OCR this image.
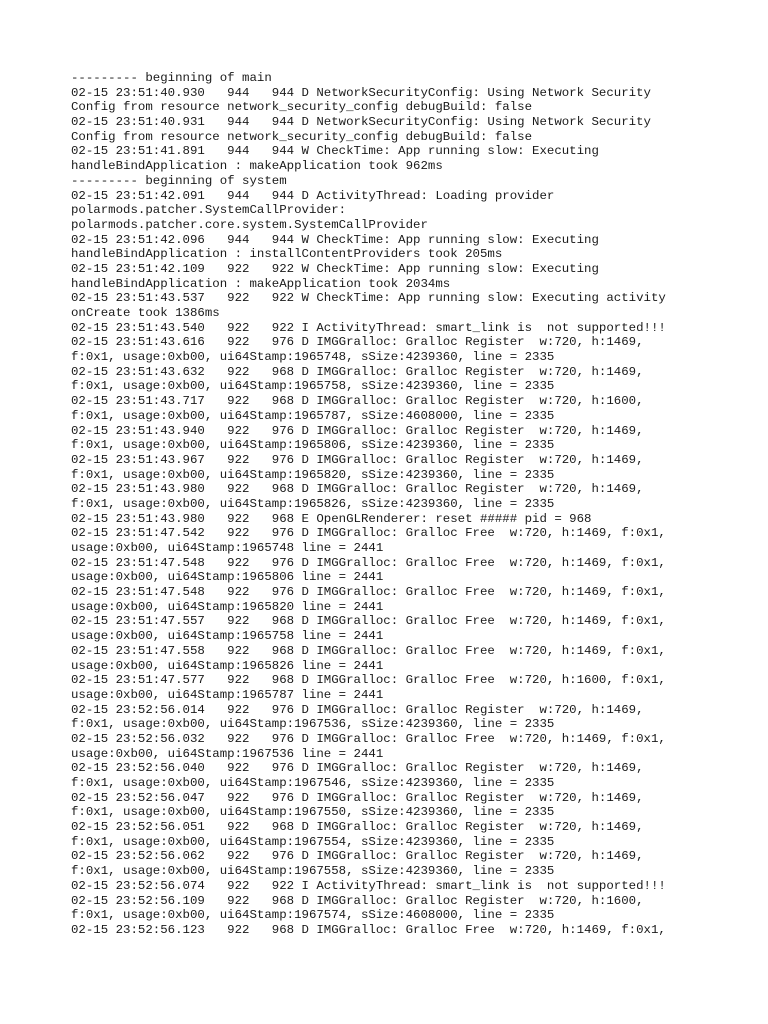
--------- beginning of main
02-15 23:51:40.930   944   944 D NetworkSecurityConfig: Using Network Security
Config from resource network_security_config debugBuild: false
02-15 23:51:40.931   944   944 D NetworkSecurityConfig: Using Network Security
Config from resource network_security_config debugBuild: false
02-15 23:51:41.891   944   944 W CheckTime: App running slow: Executing
handleBindApplication : makeApplication took 962ms
--------- beginning of system
02-15 23:51:42.091   944   944 D ActivityThread: Loading provider
polarmods.patcher.SystemCallProvider:
polarmods.patcher.core.system.SystemCallProvider
02-15 23:51:42.096   944   944 W CheckTime: App running slow: Executing
handleBindApplication : installContentProviders took 205ms
02-15 23:51:42.109   922   922 W CheckTime: App running slow: Executing
handleBindApplication : makeApplication took 2034ms
02-15 23:51:43.537   922   922 W CheckTime: App running slow: Executing activity
onCreate took 1386ms
02-15 23:51:43.540   922   922 I ActivityThread: smart_link is  not supported!!!
02-15 23:51:43.616   922   976 D IMGGralloc: Gralloc Register  w:720, h:1469,
f:0x1, usage:0xb00, ui64Stamp:1965748, sSize:4239360, line = 2335
02-15 23:51:43.632   922   968 D IMGGralloc: Gralloc Register  w:720, h:1469,
f:0x1, usage:0xb00, ui64Stamp:1965758, sSize:4239360, line = 2335
02-15 23:51:43.717   922   968 D IMGGralloc: Gralloc Register  w:720, h:1600,
f:0x1, usage:0xb00, ui64Stamp:1965787, sSize:4608000, line = 2335
02-15 23:51:43.940   922   976 D IMGGralloc: Gralloc Register  w:720, h:1469,
f:0x1, usage:0xb00, ui64Stamp:1965806, sSize:4239360, line = 2335
02-15 23:51:43.967   922   976 D IMGGralloc: Gralloc Register  w:720, h:1469,
f:0x1, usage:0xb00, ui64Stamp:1965820, sSize:4239360, line = 2335
02-15 23:51:43.980   922   968 D IMGGralloc: Gralloc Register  w:720, h:1469,
f:0x1, usage:0xb00, ui64Stamp:1965826, sSize:4239360, line = 2335
02-15 23:51:43.980   922   968 E OpenGLRenderer: reset ##### pid = 968
02-15 23:51:47.542   922   976 D IMGGralloc: Gralloc Free  w:720, h:1469, f:0x1,
usage:0xb00, ui64Stamp:1965748 line = 2441
02-15 23:51:47.548   922   976 D IMGGralloc: Gralloc Free  w:720, h:1469, f:0x1,
usage:0xb00, ui64Stamp:1965806 line = 2441
02-15 23:51:47.548   922   976 D IMGGralloc: Gralloc Free  w:720, h:1469, f:0x1,
usage:0xb00, ui64Stamp:1965820 line = 2441
02-15 23:51:47.557   922   968 D IMGGralloc: Gralloc Free  w:720, h:1469, f:0x1,
usage:0xb00, ui64Stamp:1965758 line = 2441
02-15 23:51:47.558   922   968 D IMGGralloc: Gralloc Free  w:720, h:1469, f:0x1,
usage:0xb00, ui64Stamp:1965826 line = 2441
02-15 23:51:47.577   922   968 D IMGGralloc: Gralloc Free  w:720, h:1600, f:0x1,
usage:0xb00, ui64Stamp:1965787 line = 2441
02-15 23:52:56.014   922   976 D IMGGralloc: Gralloc Register  w:720, h:1469,
f:0x1, usage:0xb00, ui64Stamp:1967536, sSize:4239360, line = 2335
02-15 23:52:56.032   922   976 D IMGGralloc: Gralloc Free  w:720, h:1469, f:0x1,
usage:0xb00, ui64Stamp:1967536 line = 2441
02-15 23:52:56.040   922   976 D IMGGralloc: Gralloc Register  w:720, h:1469,
f:0x1, usage:0xb00, ui64Stamp:1967546, sSize:4239360, line = 2335
02-15 23:52:56.047   922   976 D IMGGralloc: Gralloc Register  w:720, h:1469,
f:0x1, usage:0xb00, ui64Stamp:1967550, sSize:4239360, line = 2335
02-15 23:52:56.051   922   968 D IMGGralloc: Gralloc Register  w:720, h:1469,
f:0x1, usage:0xb00, ui64Stamp:1967554, sSize:4239360, line = 2335
02-15 23:52:56.062   922   976 D IMGGralloc: Gralloc Register  w:720, h:1469,
f:0x1, usage:0xb00, ui64Stamp:1967558, sSize:4239360, line = 2335
02-15 23:52:56.074   922   922 I ActivityThread: smart_link is  not supported!!!
02-15 23:52:56.109   922   968 D IMGGralloc: Gralloc Register  w:720, h:1600,
f:0x1, usage:0xb00, ui64Stamp:1967574, sSize:4608000, line = 2335
02-15 23:52:56.123   922   968 D IMGGralloc: Gralloc Free  w:720, h:1469, f:0x1,
